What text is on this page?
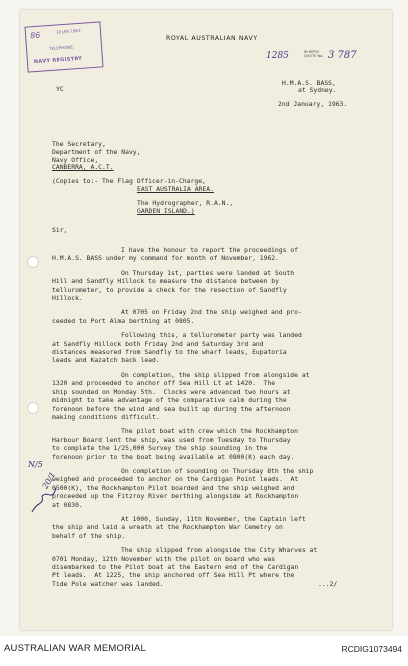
86	18 JAN 1963
TELEPHONE:
NAVY REGISTRY
ROYAL AUSTRALIAN NAVY
1285	IN REPLY QUOTE No. 3 787
YC
H.M.A.S. BASS,
at Sydney.
2nd January, 1963.
The Secretary,
Department of the Navy,
Navy Office,
CANBERRA, A.C.T.
(Copies to:- The Flag Officer-in-Charge,
EAST AUSTRALIA AREA.
The Hydrographer, R.A.N.,
GARDEN ISLAND.)
Sir,

I have the honour to report the proceedings of

H.M.A.S. BASS under my command for month of November, 1962.

On Thursday 1st, parties were landed at South

Hill and Sandfly Hillock to measure the distance between by

tellurometer, to provide a check for the resection of Sandfly

Hillock.

At 0705 on Friday 2nd the ship weighed and pro-

ceeded to Port Alma berthing at 0805.

Following this, a tellurometer party was landed

at Sandfly Hillock both Friday 2nd and Saturday 3rd and

distances measured from Sandfly to the wharf leads, Eupatoria

leads and Kazatch back lead.

On completion, the ship slipped from alongside at

1320 and proceeded to anchor off Sea Hill Lt at 1420.  The

ship sounded on Monday 5th.  Clocks were advanced two hours at

midnight to take advantage of the comparative calm during the

forenoon before the wind and sea built up during the afternoon

making conditions difficult.

The pilot boat with crew which the Rockhampton

Harbour Board lent the ship, was used from Tuesday to Thursday

to complete the 1/25,000 Survey the ship sounding in the

forenoon prior to the boat being available at 0800(K) each day.

On completion of sounding on Thursday 8th the ship

weighed and proceeded to anchor on the Cardigan Point leads.  At

0500(K), the Rockhampton Pilot boarded and the ship weighed and

proceeded up the Fitzroy River berthing alongside at Rockhampton

at 0830.

At 1000, Sunday, 11th November, the Captain left

the ship and laid a wreath at the Rockhampton War Cemetry on

behalf of the ship.

The ship slipped from alongside the City Wharves at

0701 Monday, 12th November with the pilot on board who was

disembarked to the Pilot boat at the Eastern end of the Cardigan

Pt leads.  At 1225, the ship anchored off Sea Hill Pt where the

Tide Pole watcher was landed.	...2/
N/5
20/1
AUSTRALIAN WAR MEMORIAL	RCDIG1073494
